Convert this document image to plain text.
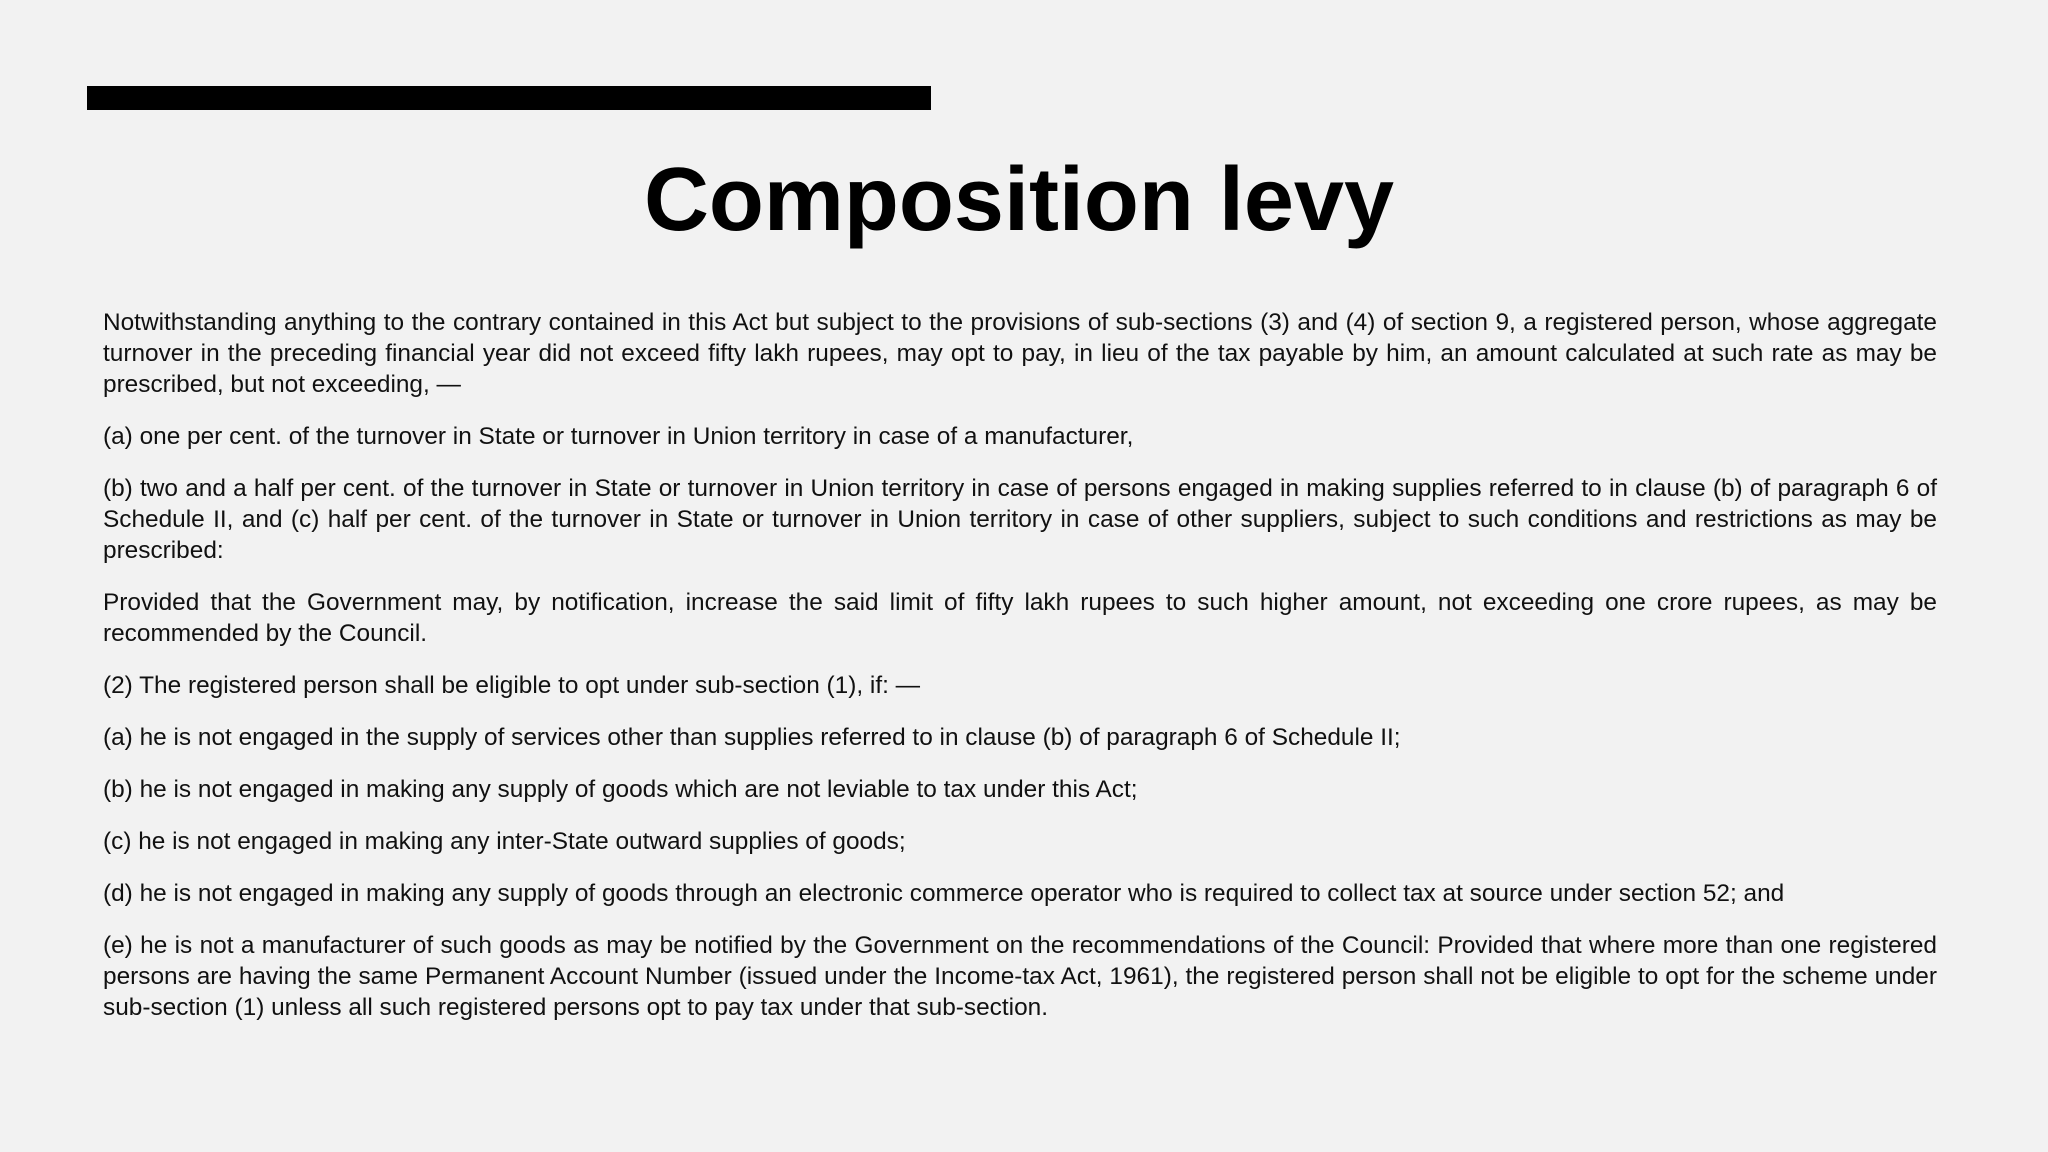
Composition levy

Notwithstanding anything to the contrary contained in this Act but subject to the provisions of sub-sections (3) and (4) of section 9, a registered person, whose aggregate turnover in the preceding financial year did not exceed fifty lakh rupees, may opt to pay, in lieu of the tax payable by him, an amount calculated at such rate as may be prescribed, but not exceeding, —

(a) one per cent. of the turnover in State or turnover in Union territory in case of a manufacturer,

(b) two and a half per cent. of the turnover in State or turnover in Union territory in case of persons engaged in making supplies referred to in clause (b) of paragraph 6 of Schedule II, and (c) half per cent. of the turnover in State or turnover in Union territory in case of other suppliers, subject to such conditions and restrictions as may be prescribed:

Provided that the Government may, by notification, increase the said limit of fifty lakh rupees to such higher amount, not exceeding one crore rupees, as may be recommended by the Council.

(2) The registered person shall be eligible to opt under sub-section (1), if: —

(a) he is not engaged in the supply of services other than supplies referred to in clause (b) of paragraph 6 of Schedule II;

(b) he is not engaged in making any supply of goods which are not leviable to tax under this Act;

(c) he is not engaged in making any inter-State outward supplies of goods;

(d) he is not engaged in making any supply of goods through an electronic commerce operator who is required to collect tax at source under section 52; and

(e) he is not a manufacturer of such goods as may be notified by the Government on the recommendations of the Council: Provided that where more than one registered persons are having the same Permanent Account Number (issued under the Income-tax Act, 1961), the registered person shall not be eligible to opt for the scheme under sub-section (1) unless all such registered persons opt to pay tax under that sub-section.
